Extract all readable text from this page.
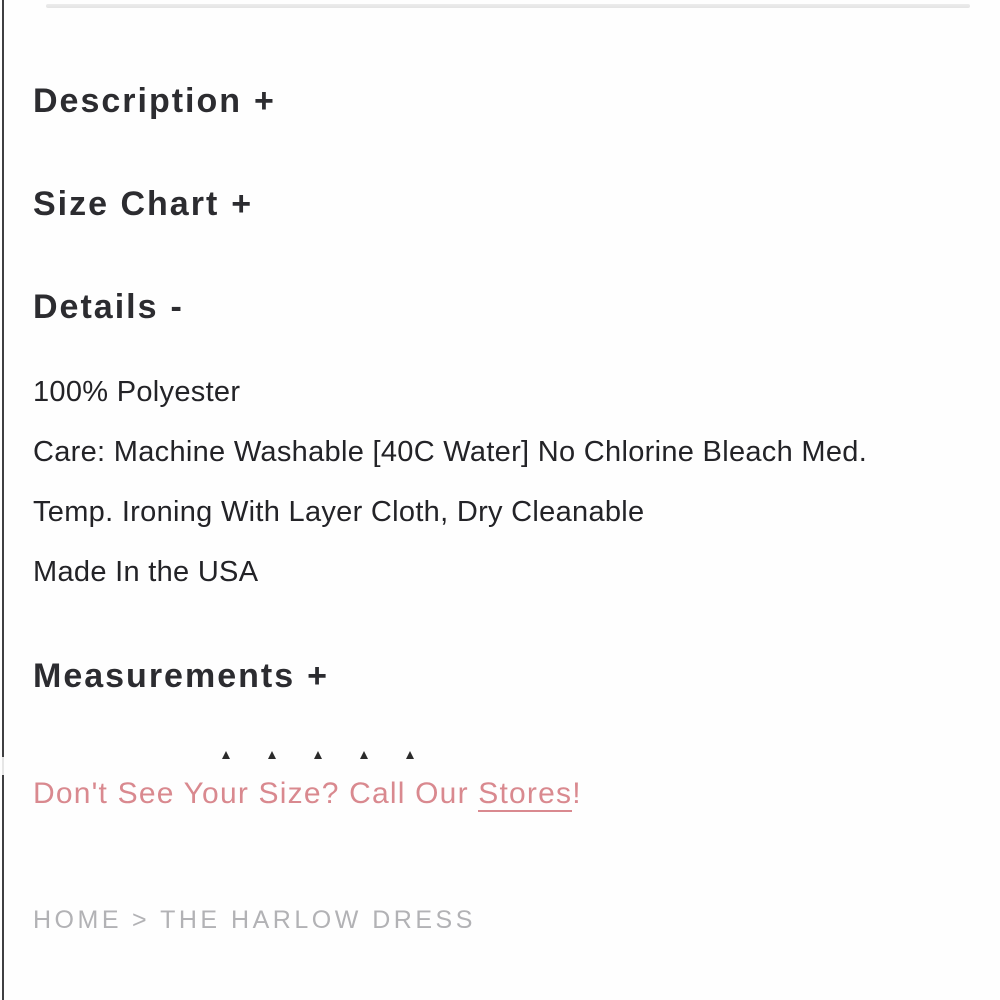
Description +
Size Chart +
Details -
100% Polyester
Care: Machine Washable [40C Water] No Chlorine Bleach Med.
Temp. Ironing With Layer Cloth, Dry Cleanable
Made In the USA
Measurements +
Don't See Your Size? Call Our Stores!
HOME > THE HARLOW DRESS
